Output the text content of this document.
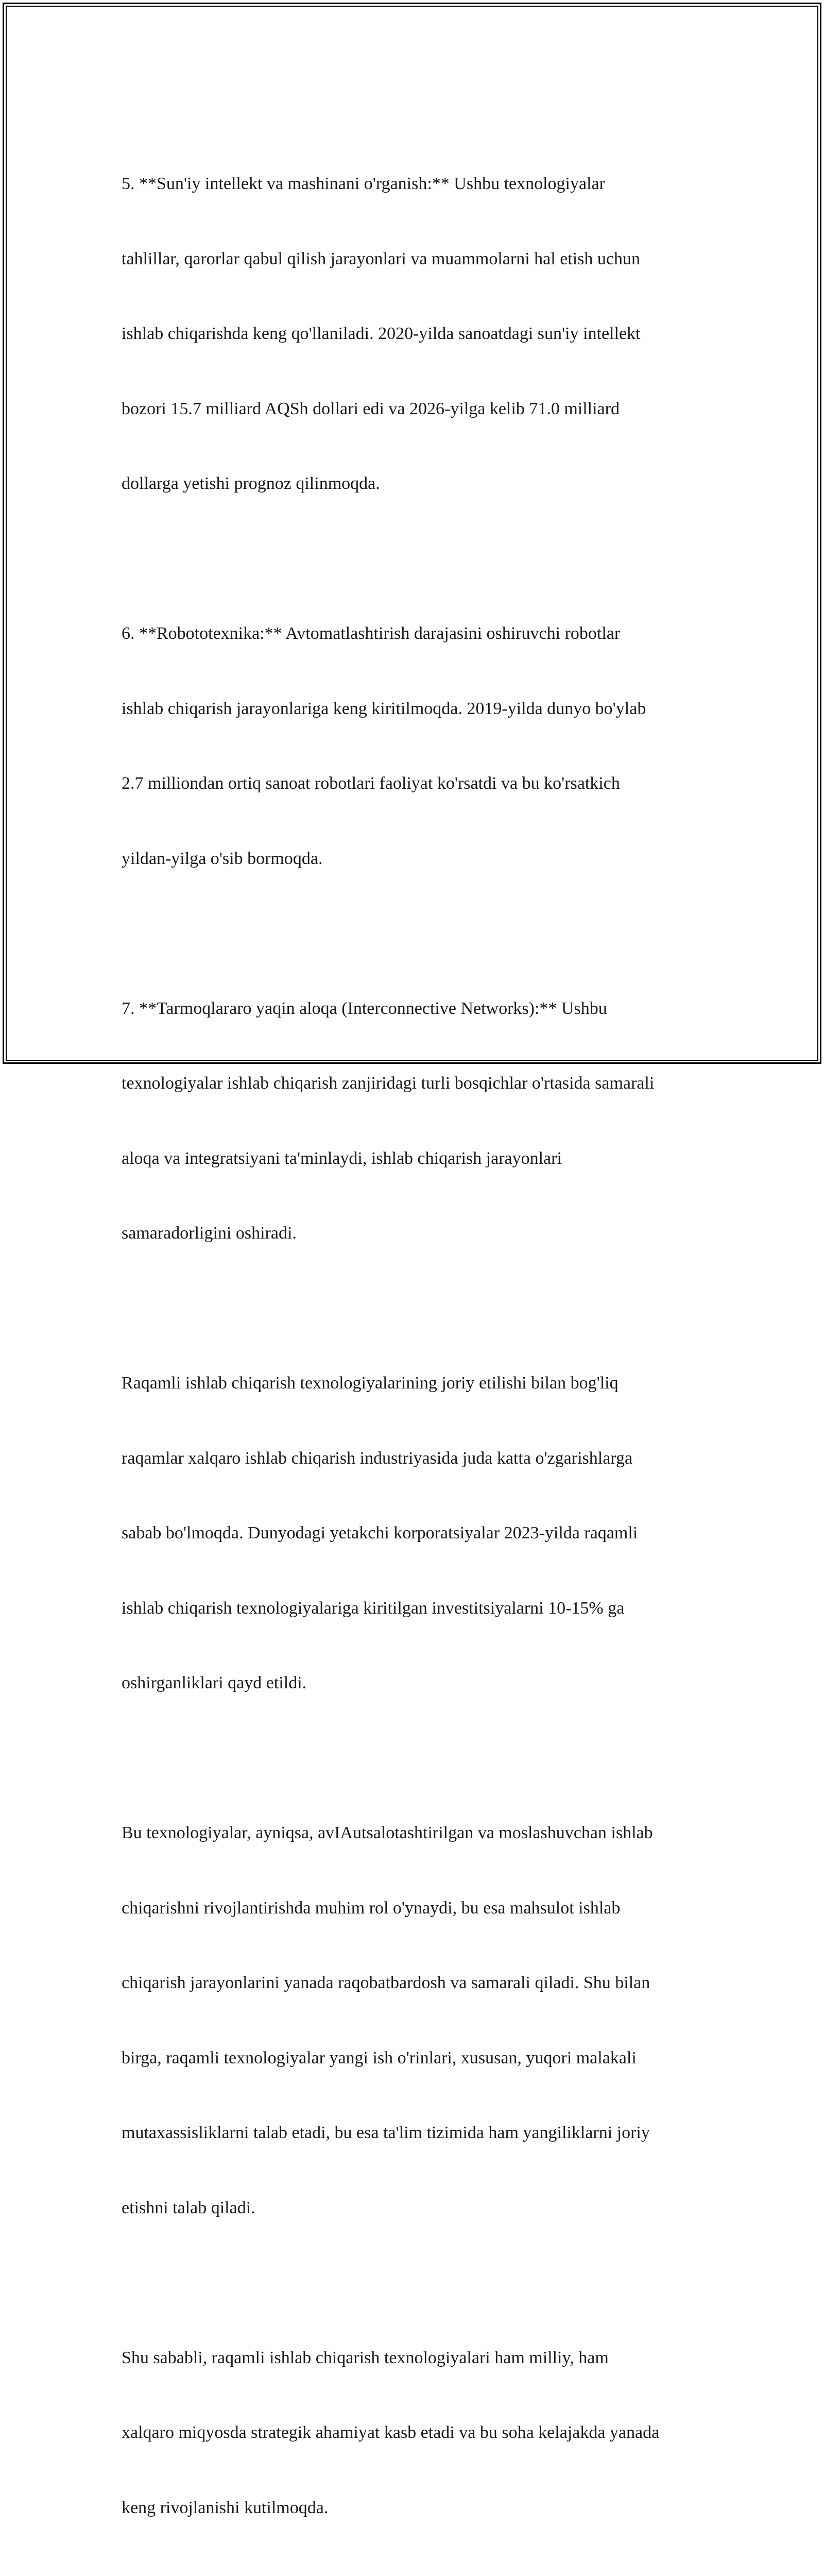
5. **Sun'iy intellekt va mashinani o'rganish:** Ushbu texnologiyalar

tahlillar, qarorlar qabul qilish jarayonlari va muammolarni hal etish uchun

ishlab chiqarishda keng qo'llaniladi. 2020-yilda sanoatdagi sun'iy intellekt

bozori 15.7 milliard AQSh dollari edi va 2026-yilga kelib 71.0 milliard

dollarga yetishi prognoz qilinmoqda.

6. **Robototexnika:** Avtomatlashtirish darajasini oshiruvchi robotlar

ishlab chiqarish jarayonlariga keng kiritilmoqda. 2019-yilda dunyo bo'ylab

2.7 milliondan ortiq sanoat robotlari faoliyat ko'rsatdi va bu ko'rsatkich

yildan-yilga o'sib bormoqda.

7. **Tarmoqlararo yaqin aloqa (Interconnective Networks):** Ushbu

texnologiyalar ishlab chiqarish zanjiridagi turli bosqichlar o'rtasida samarali

aloqa va integratsiyani ta'minlaydi, ishlab chiqarish jarayonlari

samaradorligini oshiradi.

Raqamli ishlab chiqarish texnologiyalarining joriy etilishi bilan bog'liq

raqamlar xalqaro ishlab chiqarish industriyasida juda katta o'zgarishlarga

sabab bo'lmoqda. Dunyodagi yetakchi korporatsiyalar 2023-yilda raqamli

ishlab chiqarish texnologiyalariga kiritilgan investitsiyalarni 10-15% ga

oshirganliklari qayd etildi.

Bu texnologiyalar, ayniqsa, avIAutsalotashtirilgan va moslashuvchan ishlab

chiqarishni rivojlantirishda muhim rol o'ynaydi, bu esa mahsulot ishlab

chiqarish jarayonlarini yanada raqobatbardosh va samarali qiladi. Shu bilan

birga, raqamli texnologiyalar yangi ish o'rinlari, xususan, yuqori malakali

mutaxassisliklarni talab etadi, bu esa ta'lim tizimida ham yangiliklarni joriy

etishni talab qiladi.

Shu sababli, raqamli ishlab chiqarish texnologiyalari ham milliy, ham

xalqaro miqyosda strategik ahamiyat kasb etadi va bu soha kelajakda yanada

keng rivojlanishi kutilmoqda.
